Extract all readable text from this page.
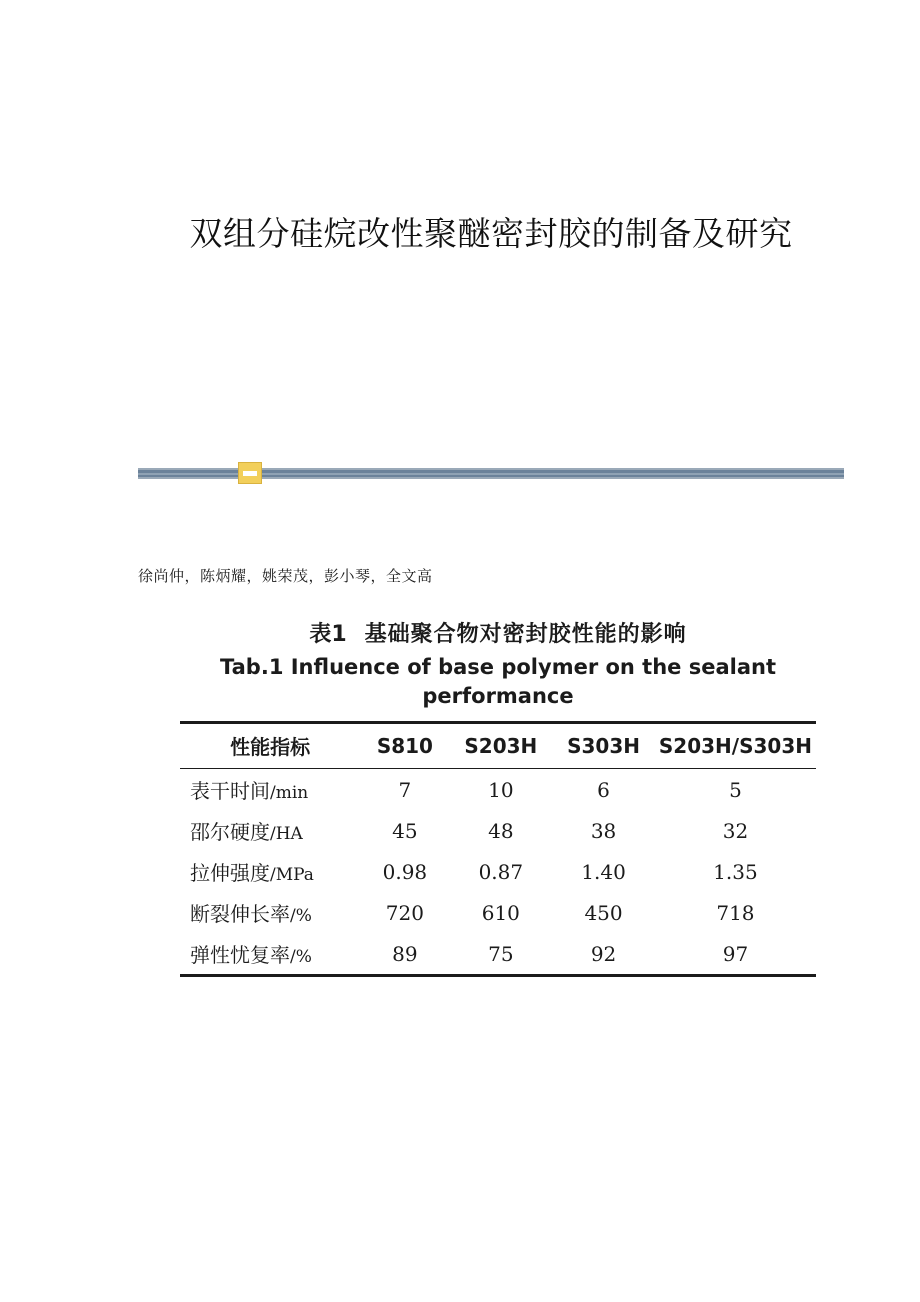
双组分硅烷改性聚醚密封胶的制备及研究
徐尚仲，陈炳耀，姚荣茂，彭小琴，全文高
表1 基础聚合物对密封胶性能的影响
Tab.1 Influence of base polymer on the sealant performance
性能指标	S810	S203H	S303H	S203H/S303H
表干时间/min	7	10	6	5
邵尔硬度/HA	45	48	38	32
拉伸强度/MPa	0.98	0.87	1.40	1.35
断裂伸长率/%	720	610	450	718
弹性忧复率/%	89	75	92	97
